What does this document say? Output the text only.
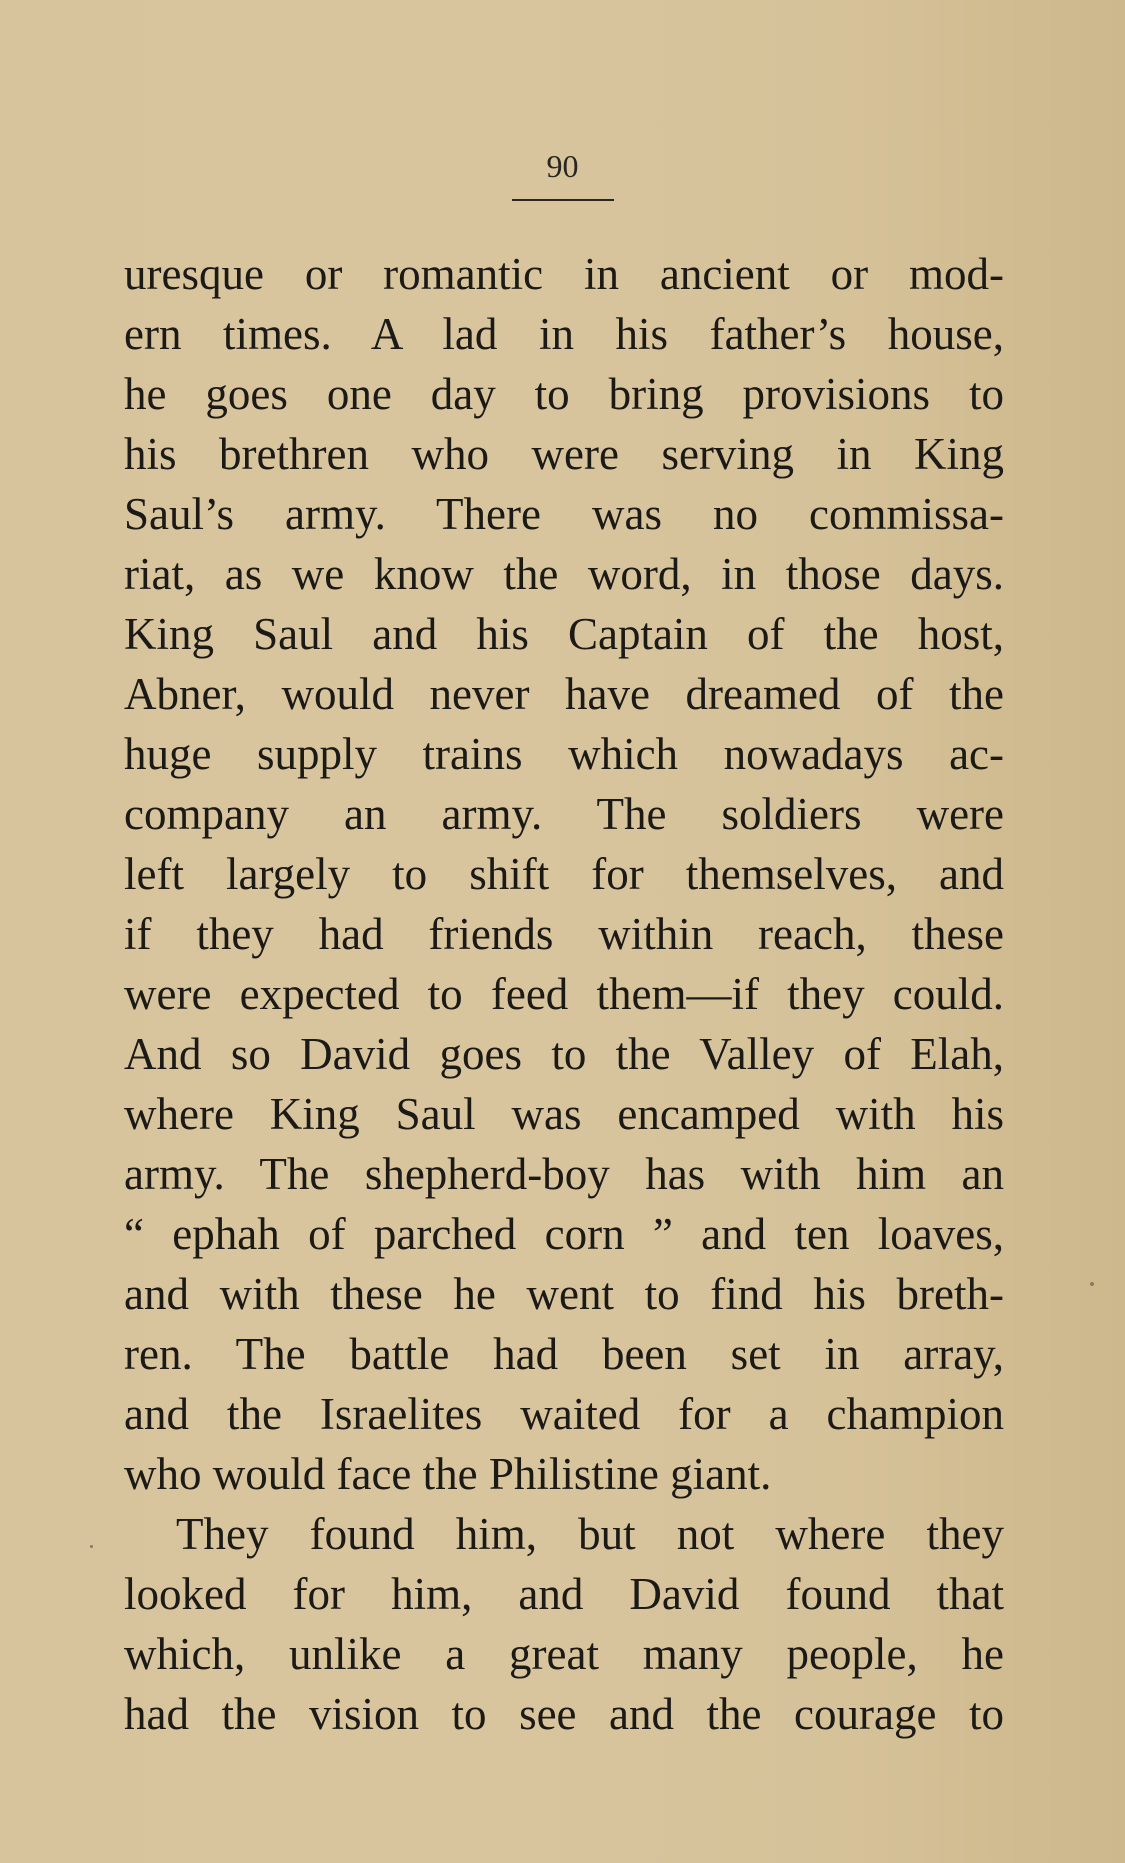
90
uresque or romantic in ancient or mod-
ern times. A lad in his father’s house,
he goes one day to bring provisions to
his brethren who were serving in King
Saul’s army. There was no commissa-
riat, as we know the word, in those days.
King Saul and his Captain of the host,
Abner, would never have dreamed of the
huge supply trains which nowadays ac-
company an army. The soldiers were
left largely to shift for themselves, and
if they had friends within reach, these
were expected to feed them—if they could.
And so David goes to the Valley of Elah,
where King Saul was encamped with his
army. The shepherd-boy has with him an
“ ephah of parched corn ” and ten loaves,
and with these he went to find his breth-
ren. The battle had been set in array,
and the Israelites waited for a champion
who would face the Philistine giant.
They found him, but not where they
looked for him, and David found that
which, unlike a great many people, he
had the vision to see and the courage to
